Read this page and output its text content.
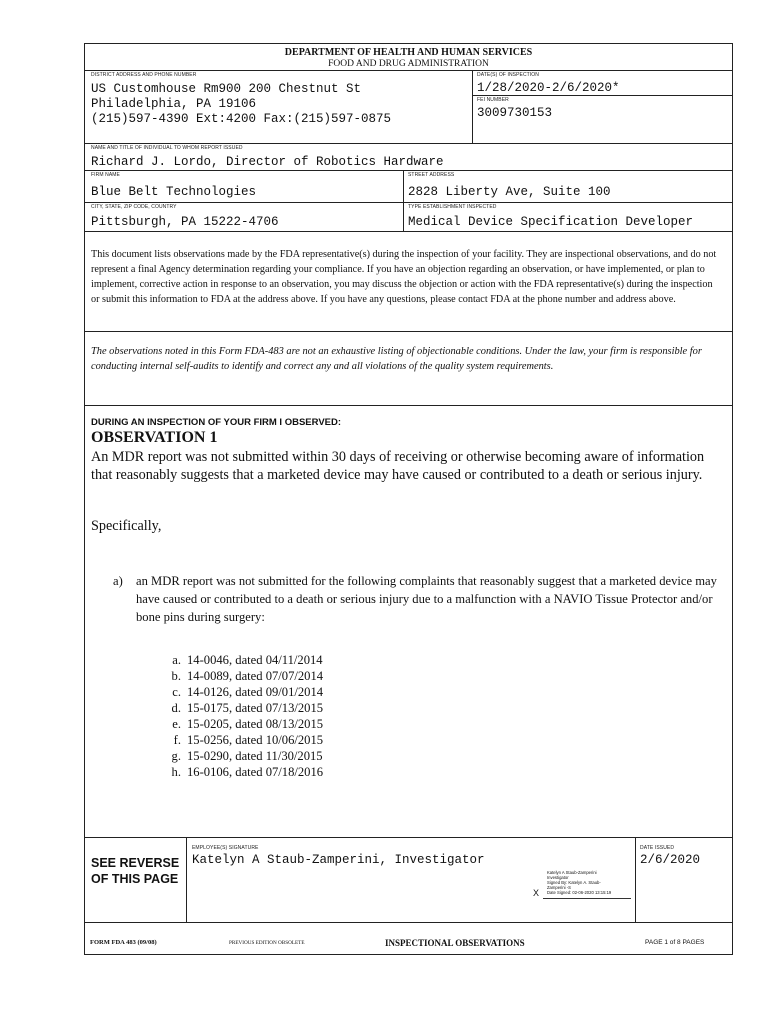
DEPARTMENT OF HEALTH AND HUMAN SERVICES
FOOD AND DRUG ADMINISTRATION
DISTRICT ADDRESS AND PHONE NUMBER
US Customhouse Rm900 200 Chestnut St
Philadelphia, PA 19106
(215)597-4390 Ext:4200 Fax:(215)597-0875
DATE(S) OF INSPECTION
1/28/2020-2/6/2020*
FEI NUMBER
3009730153
NAME AND TITLE OF INDIVIDUAL TO WHOM REPORT ISSUED
Richard J. Lordo, Director of Robotics Hardware
FIRM NAME
Blue Belt Technologies
STREET ADDRESS
2828 Liberty Ave, Suite 100
CITY, STATE, ZIP CODE, COUNTRY
Pittsburgh, PA 15222-4706
TYPE ESTABLISHMENT INSPECTED
Medical Device Specification Developer
This document lists observations made by the FDA representative(s) during the inspection of your facility. They are inspectional observations, and do not represent a final Agency determination regarding your compliance. If you have an objection regarding an observation, or have implemented, or plan to implement, corrective action in response to an observation, you may discuss the objection or action with the FDA representative(s) during the inspection or submit this information to FDA at the address above. If you have any questions, please contact FDA at the phone number and address above.
The observations noted in this Form FDA-483 are not an exhaustive listing of objectionable conditions. Under the law, your firm is responsible for conducting internal self-audits to identify and correct any and all violations of the quality system requirements.
DURING AN INSPECTION OF YOUR FIRM I OBSERVED:
OBSERVATION 1
An MDR report was not submitted within 30 days of receiving or otherwise becoming aware of information that reasonably suggests that a marketed device may have caused or contributed to a death or serious injury.
Specifically,
a) an MDR report was not submitted for the following complaints that reasonably suggest that a marketed device may have caused or contributed to a death or serious injury due to a malfunction with a NAVIO Tissue Protector and/or bone pins during surgery:
a. 14-0046, dated 04/11/2014
b. 14-0089, dated 07/07/2014
c. 14-0126, dated 09/01/2014
d. 15-0175, dated 07/13/2015
e. 15-0205, dated 08/13/2015
f. 15-0256, dated 10/06/2015
g. 15-0290, dated 11/30/2015
h. 16-0106, dated 07/18/2016
SEE REVERSE
OF THIS PAGE
EMPLOYEE(S) SIGNATURE
Katelyn A Staub-Zamperini, Investigator
X
Katelyn A Staub-Zamperini
Investigator
Signed By: Katelyn A. Staub-
Zamperini -S
Date Signed: 02-06-2020 13:15:19
DATE ISSUED
2/6/2020
FORM FDA 483 (09/08)	PREVIOUS EDITION OBSOLETE	INSPECTIONAL OBSERVATIONS	PAGE 1 of 8 PAGES
